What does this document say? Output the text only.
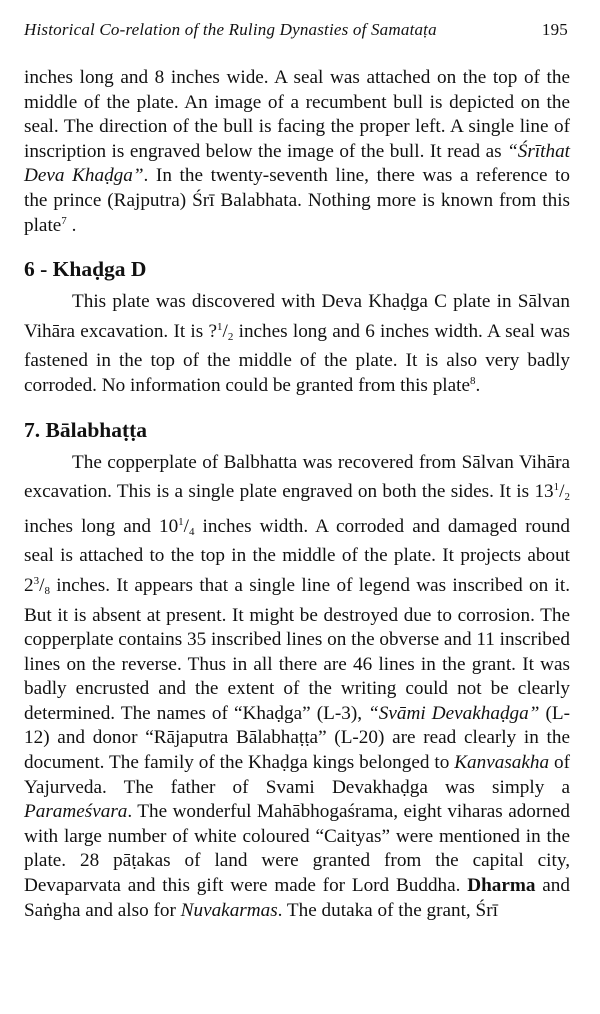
Historical Co-relation of the Ruling Dynasties of Samataṭa	195

inches long and 8 inches wide. A seal was attached on the top of the middle of the plate. An image of a recumbent bull is depicted on the seal. The direction of the bull is facing the proper left. A single line of inscription is engraved below the image of the bull. It read as “Śrīthat Deva Khaḍga”. In the twenty-seventh line, there was a reference to the prince (Rajputra) Śrī Balabhata. Nothing more is known from this plate$^7$ .

6 - Khaḍga D

This plate was discovered with Deva Khaḍga C plate in Sālvan Vihāra excavation. It is ?$^1$/2 inches long and 6 inches width. A seal was fastened in the top of the middle of the plate. It is also very badly corroded. No information could be granted from this plate$^8$.

7. Bālabhaṭṭa

The copperplate of Balbhatta was recovered from Sālvan Vihāra excavation. This is a single plate engraved on both the sides. It is $13^1/2$ inches long and $10^1/4$ inches width. A corroded and damaged round seal is attached to the top in the middle of the plate. It projects about $2^3/8$ inches. It appears that a single line of legend was inscribed on it. But it is absent at present. It might be destroyed due to corrosion. The copperplate contains 35 inscribed lines on the obverse and 11 inscribed lines on the reverse. Thus in all there are 46 lines in the grant. It was badly encrusted and the extent of the writing could not be clearly determined. The names of “Khaḍga” (L-3), “Svāmi Devakhaḍga” (L-12) and donor “Rājaputra Bālabhaṭṭa” (L-20) are read clearly in the document. The family of the Khaḍga kings belonged to Kanvasakha of Yajurveda. The father of Svami Devakhaḍga was simply a Parameśvara. The wonderful Mahābhogaśrama, eight viharas adorned with large number of white coloured “Caityas” were mentioned in the plate. 28 pāṭakas of land were granted from the capital city, Devaparvata and this gift were made for Lord Buddha. Dharma and Saṅgha and also for Nuvakarmas. The dutaka of the grant, Śrī
